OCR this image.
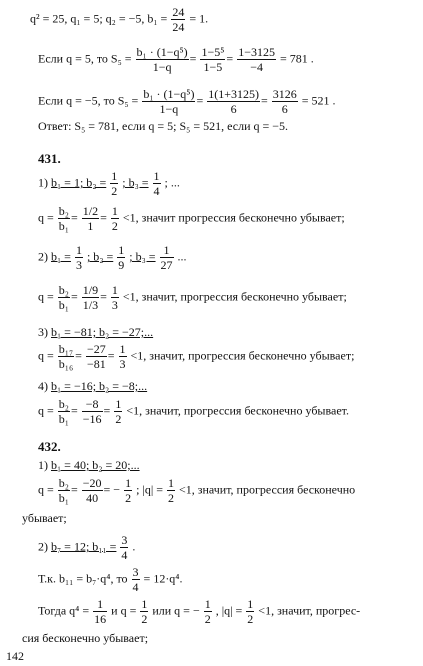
q² = 25, q₁ = 5; q₂ = −5, $b_1 = \frac{24}{24} = 1$.
Если q = 5, то $S_5 = \frac{\text{b₁ · (1−q⁵)}}{1-q} = \frac{\text{1−5⁵}}{1-5} = \frac{1-3125}{-4} = 781$ .
Если q = −5, то $S_5 = \frac{\text{b₁ · (1−q⁵)}}{1-q} = \frac{1(1+3125)}{6} = \frac{3126}{6} = 521$ .
Ответ: S₅ = 781, если q = 5; S₅ = 521, если q = −5.
431.
1) b₁ = 1; $b_2 = \frac{1}{2}$ ; $b_3 = \frac{1}{4}$ ; ...
$q = \frac{\text{b₂}}{\text{b₁}} = \frac{1/2}{1} = \frac{1}{2} <1$, значит прогрессия бесконечно убывает;
2) $b_1 = \frac{1}{3}$ ; $b_2 = \frac{1}{9}$ ; $b_3 = \frac{1}{27}$ ...
$q = \frac{\text{b₂}}{\text{b₁}} = \frac{1/9}{1/3} = \frac{1}{3} <1$, значит, прогрессия бесконечно убывает;
3) b₁ = −81; b₂ = −27;...
$q = \frac{\text{b₁₇}}{\text{b₁₆}} = \frac{-27}{-81} = \frac{1}{3} <1$, значит, прогрессия бесконечно убывает;
4) b₁ = −16; b₂ = −8;...
$q = \frac{\text{b₂}}{\text{b₁}} = \frac{-8}{-16} = \frac{1}{2} <1$, значит, прогрессия бесконечно убывает.
432.
1) b₁ = 40; b₂ = 20;...
$q = \frac{\text{b₂}}{\text{b₁}} = \frac{-20}{40}$ = − $\frac{1}{2}$ ; $|q| = \frac{1}{2} <1$, значит, прогрессия бесконечно
убывает;
2) b₇ = 12; $b_{11} = \frac{3}{4}$ .
Т.к. b₁₁ = b₇·q⁴, то $\frac{3}{4} = 12\cdot q^4$.
Тогда $q^4 = \frac{1}{16}$ и $q = \frac{1}{2}$ или q = − $\frac{1}{2}$ , $|q| = \frac{1}{2} <1$, значит, прогрес-
сия бесконечно убывает;
142
